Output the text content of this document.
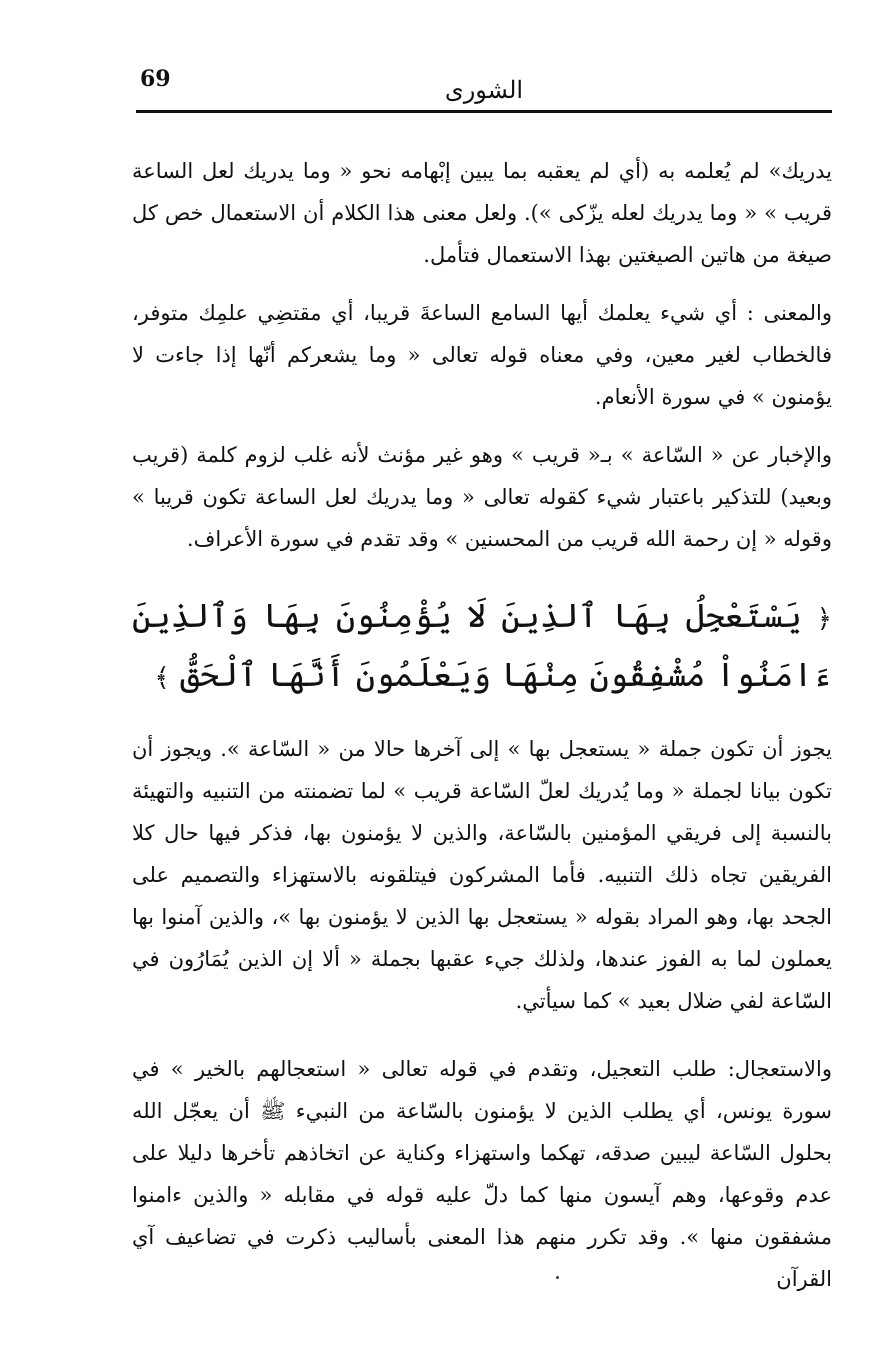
69	الشورى

يدريك» لم يُعلمه به (أي لم يعقبه بما يبين إبْهامه نحو « وما يدريك لعل الساعة قريب » « وما يدريك لعله يزّكى »). ولعل معنى هذا الكلام أن الاستعمال خص كل صيغة من هاتين الصيغتين بهذا الاستعمال فتأمل.

والمعنى : أي شيء يعلمك أيها السامع الساعةَ قريبا، أي مقتضِي علمِك متوفر، فالخطاب لغير معين، وفي معناه قوله تعالى « وما يشعركم أنّها إذا جاءت لا يؤمنون » في سورة الأنعام.

والإخبار عن « السّاعة » بـ« قريب » وهو غير مؤنث لأنه غلب لزوم كلمة (قريب وبعيد) للتذكير باعتبار شيء كقوله تعالى « وما يدريك لعل الساعة تكون قريبا » وقوله « إن رحمة الله قريب من المحسنين » وقد تقدم في سورة الأعراف.

﴿ يَسْتَعْجِلُ بِهَا ٱلذِينَ لَا يُؤْمِنُونَ بِهَا وَٱلذِينَ ءَامَنُواْ مُشْفِقُونَ مِنْهَا وَيَعْلَمُونَ أَنَّهَا ٱلْحَقُّ ﴾

يجوز أن تكون جملة « يستعجل بها » إلى آخرها حالا من « السّاعة ». ويجوز أن تكون بيانا لجملة « وما يُدريك لعلّ السّاعة قريب » لما تضمنته من التنبيه والتهيئة بالنسبة إلى فريقي المؤمنين بالسّاعة، والذين لا يؤمنون بها، فذكر فيها حال كلا الفريقين تجاه ذلك التنبيه. فأما المشركون فيتلقونه بالاستهزاء والتصميم على الجحد بها، وهو المراد بقوله « يستعجل بها الذين لا يؤمنون بها »، والذين آمنوا بها يعملون لما به الفوز عندها، ولذلك جيء عقبها بجملة « ألا إن الذين يُمَارُون في السّاعة لفي ضلال بعيد » كما سيأتي.

والاستعجال: طلب التعجيل، وتقدم في قوله تعالى « استعجالهم بالخير » في سورة يونس، أي يطلب الذين لا يؤمنون بالسّاعة من النبيء ﷺ أن يعجّل الله بحلول السّاعة ليبين صدقه، تهكما واستهزاء وكناية عن اتخاذهم تأخرها دليلا على عدم وقوعها، وهم آيسون منها كما دلّ عليه قوله في مقابله « والذين ءامنوا مشفقون منها ». وقد تكرر منهم هذا المعنى بأساليب ذكرت في تضاعيف آي القرآن
